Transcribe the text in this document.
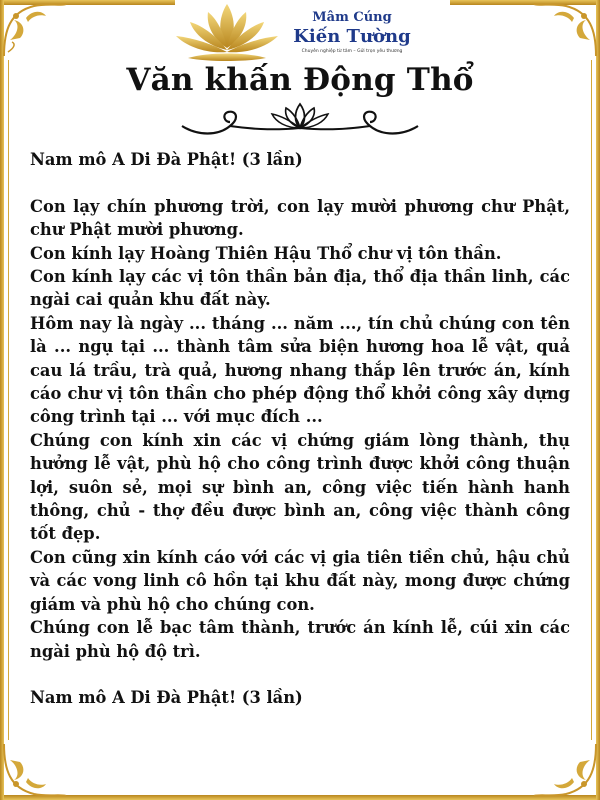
Mâm Cúng
Kiến Tường
Chuyên nghiệp từ tâm – Gửi trọn yêu thương
Văn khấn Động Thổ

Nam mô A Di Đà Phật! (3 lần)

Con lạy chín phương trời, con lạy mười phương chư Phật, chư Phật mười phương.

Con kính lạy Hoàng Thiên Hậu Thổ chư vị tôn thần.

Con kính lạy các vị tôn thần bản địa, thổ địa thần linh, các ngài cai quản khu đất này.

Hôm nay là ngày ... tháng ... năm ..., tín chủ chúng con tên là ... ngụ tại ... thành tâm sửa biện hương hoa lễ vật, quả cau lá trầu, trà quả, hương nhang thắp lên trước án, kính cáo chư vị tôn thần cho phép động thổ khởi công xây dựng công trình tại ... với mục đích ...

Chúng con kính xin các vị chứng giám lòng thành, thụ hưởng lễ vật, phù hộ cho công trình được khởi công thuận lợi, suôn sẻ, mọi sự bình an, công việc tiến hành hanh thông, chủ - thợ đều được bình an, công việc thành công tốt đẹp.

Con cũng xin kính cáo với các vị gia tiên tiền chủ, hậu chủ và các vong linh cô hồn tại khu đất này, mong được chứng giám và phù hộ cho chúng con.

Chúng con lễ bạc tâm thành, trước án kính lễ, cúi xin các ngài phù hộ độ trì.

Nam mô A Di Đà Phật! (3 lần)
